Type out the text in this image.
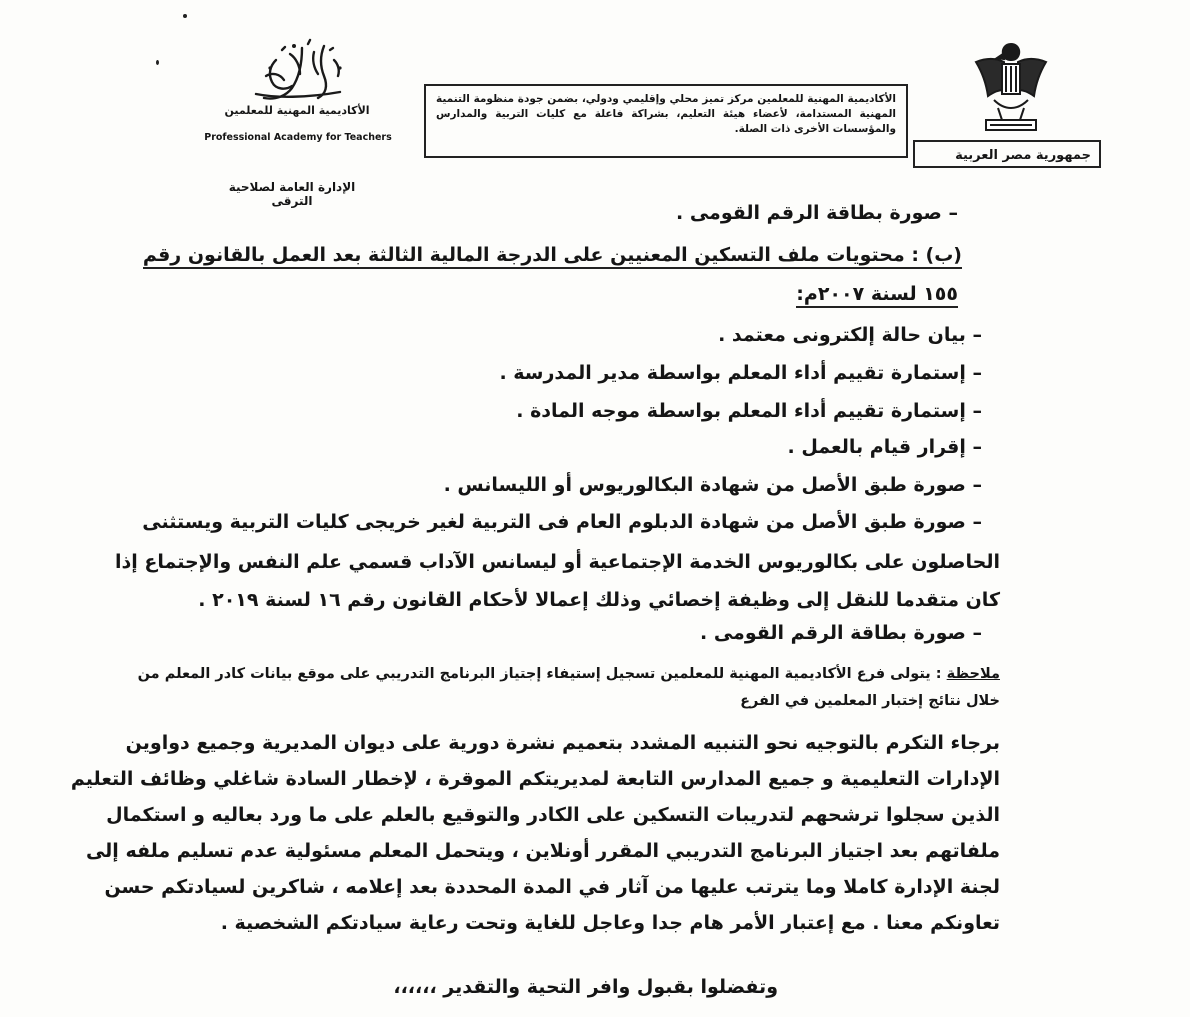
جمهورية مصر العربية
الأكاديمية المهنية للمعلمين مركز تميز محلي وإقليمي ودولي، بضمن جودة منظومة التنمية المهنية المستدامة، لأعضاء هيئة التعليم، بشراكة فاعلة مع كليات التربية والمدارس والمؤسسات الأخرى ذات الصلة.
الأكاديمية المهنية للمعلمين
Professional Academy for Teachers
الإدارة العامة لصلاحية الترقى
– صورة بطاقة الرقم القومى .
(ب) : محتويات ملف التسكين المعنيين على الدرجة المالية الثالثة بعد العمل بالقانون رقم
١٥٥ لسنة ٢٠٠٧م:
– بيان حالة إلكترونى معتمد .
– إستمارة تقييم أداء المعلم بواسطة مدير المدرسة .
– إستمارة تقييم أداء المعلم بواسطة موجه المادة .
– إقرار قيام بالعمل .
– صورة طبق الأصل من شهادة البكالوريوس أو الليسانس .
– صورة طبق الأصل من شهادة الدبلوم العام فى التربية لغير خريجى كليات التربية ويستثنى
الحاصلون على بكالوريوس الخدمة الإجتماعية أو ليسانس الآداب قسمي علم النفس والإجتماع إذا
كان متقدما للنقل إلى وظيفة إخصائي وذلك إعمالا لأحكام القانون رقم ١٦ لسنة ٢٠١٩ .
– صورة بطاقة الرقم القومى .
ملاحظة : يتولى فرع الأكاديمية المهنية للمعلمين تسجيل إستيفاء إجتياز البرنامج التدريبي على موقع بيانات كادر المعلم من
خلال نتائج إختبار المعلمين في الفرع
برجاء التكرم بالتوجيه نحو التنبيه المشدد بتعميم نشرة دورية على ديوان المديرية وجميع دواوين
الإدارات التعليمية و جميع المدارس التابعة لمديريتكم الموقرة ، لإخطار السادة شاغلي وظائف التعليم
الذين سجلوا ترشحهم لتدريبات التسكين على الكادر والتوقيع بالعلم على ما ورد بعاليه و استكمال
ملفاتهم بعد اجتياز البرنامج التدريبي المقرر أونلاين ، ويتحمل المعلم مسئولية عدم تسليم ملفه إلى
لجنة الإدارة كاملا وما يترتب عليها من آثار في المدة المحددة بعد إعلامه ، شاكرين لسيادتكم حسن
تعاونكم معنا . مع إعتبار الأمر هام جدا وعاجل للغاية وتحت رعاية سيادتكم الشخصية .
وتفضلوا بقبول وافر التحية والتقدير ،،،،،،
